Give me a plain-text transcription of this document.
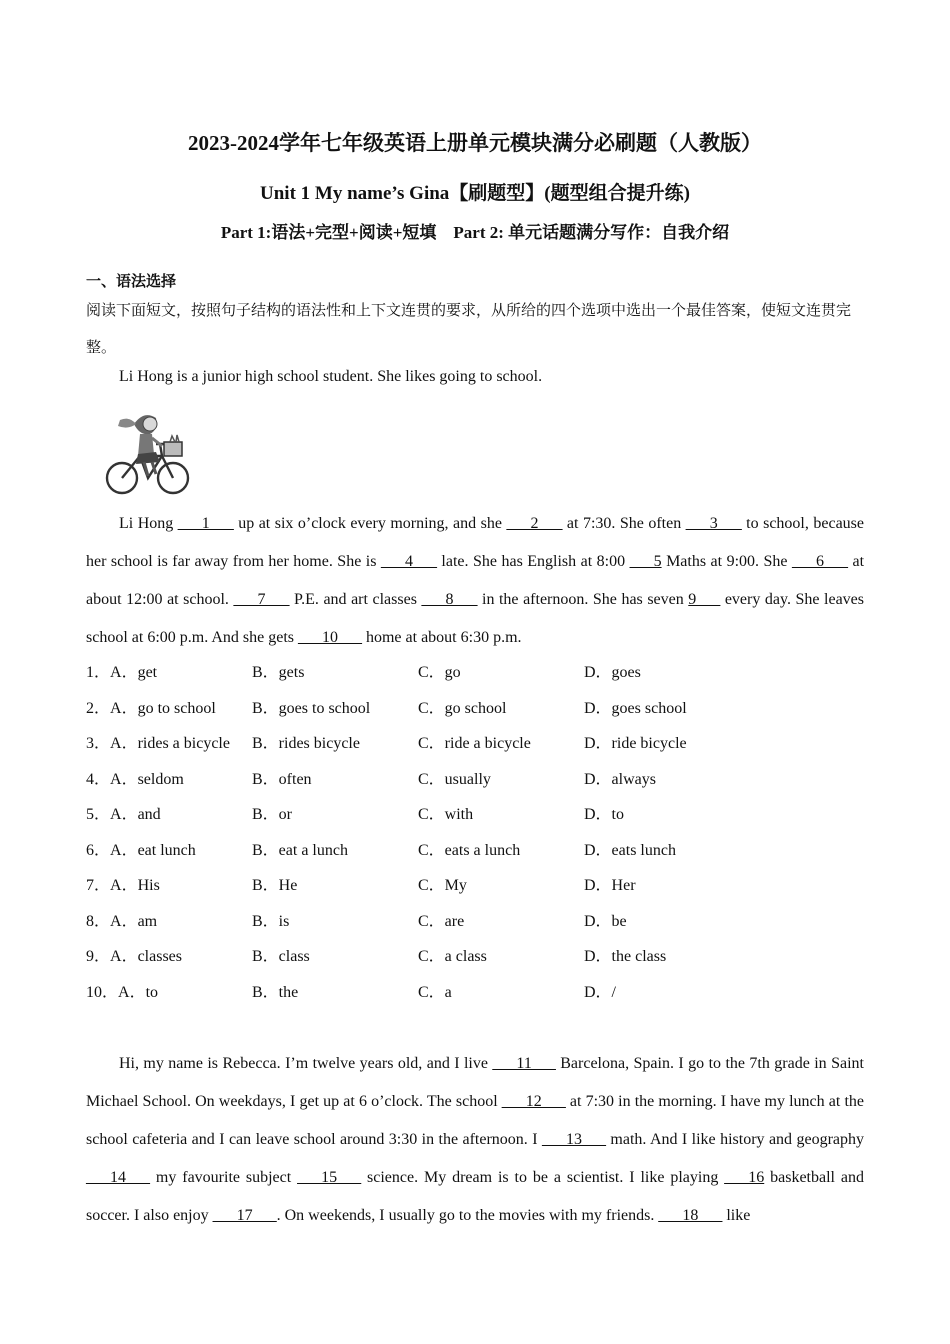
2023-2024学年七年级英语上册单元模块满分必刷题（人教版）
Unit 1 My name’s Gina【刷题型】(题型组合提升练)
Part 1:语法+完型+阅读+短填　Part 2: 单元话题满分写作：自我介绍
一、语法选择
阅读下面短文，按照句子结构的语法性和上下文连贯的要求，从所给的四个选项中选出一个最佳答案，使短文连贯完整。
Li Hong is a junior high school student. She likes going to school.
Li Hong ___1___ up at six o’clock every morning, and she ___2___ at 7:30. She often ___3___ to school, because her school is far away from her home. She is ___4___ late. She has English at 8:00 ___5 Maths at 9:00. She ___6___ at about 12:00 at school. ___7___ P.E. and art classes ___8___ in the afternoon. She has seven 9___ every day. She leaves school at 6:00 p.m. And she gets ___10___ home at about 6:30 p.m.
1．A．get	B．gets	C．go	D．goes
2．A．go to school B．goes to school	C．go school	D．goes school
3．A．rides a bicycle B．rides bicycle	C．ride a bicycle	D．ride bicycle
4．A．seldom	B．often	C．usually	D．always
5．A．and	B．or	C．with	D．to
6．A．eat lunch	B．eat a lunch	C．eats a lunch	D．eats lunch
7．A．His	B．He	C．My	D．Her
8．A．am	B．is	C．are	D．be
9．A．classes	B．class	C．a class	D．the class
10．A．to	B．the	C．a	D．/
Hi, my name is Rebecca. I’m twelve years old, and I live ___11___ Barcelona, Spain. I go to the 7th grade in Saint Michael School. On weekdays, I get up at 6 o’clock. The school ___12___ at 7:30 in the morning. I have my lunch at the school cafeteria and I can leave school around 3:30 in the afternoon. I ___13___ math. And I like history and geography ___14___ my favourite subject ___15___ science. My dream is to be a scientist. I like playing ___16 basketball and soccer. I also enjoy ___17___. On weekends, I usually go to the movies with my friends. ___18___ like
